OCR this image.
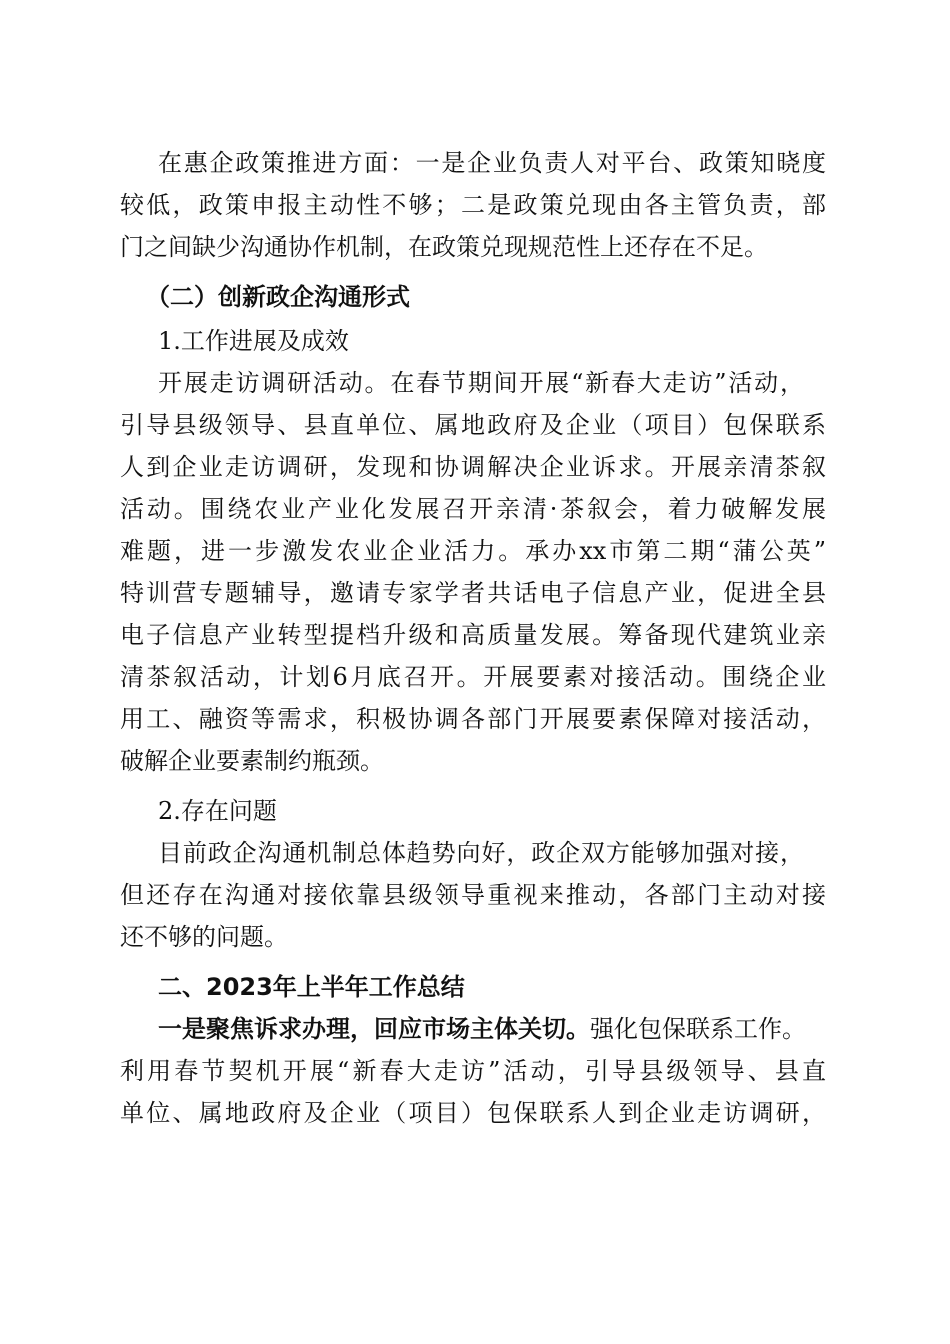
在惠企政策推进方面：一是企业负责人对平台、政策知晓度

较低，政策申报主动性不够；二是政策兑现由各主管负责，部

门之间缺少沟通协作机制，在政策兑现规范性上还存在不足。

（二）创新政企沟通形式

1.工作进展及成效

开展走访调研活动。在春节期间开展“新春大走访”活动，

引导县级领导、县直单位、属地政府及企业（项目）包保联系

人到企业走访调研，发现和协调解决企业诉求。开展亲清茶叙

活动。围绕农业产业化发展召开亲清·茶叙会，着力破解发展

难题，进一步激发农业企业活力。承办xx市第二期“蒲公英”

特训营专题辅导，邀请专家学者共话电子信息产业，促进全县

电子信息产业转型提档升级和高质量发展。筹备现代建筑业亲

清茶叙活动，计划6月底召开。开展要素对接活动。围绕企业

用工、融资等需求，积极协调各部门开展要素保障对接活动，

破解企业要素制约瓶颈。

2.存在问题

目前政企沟通机制总体趋势向好，政企双方能够加强对接，

但还存在沟通对接依靠县级领导重视来推动，各部门主动对接

还不够的问题。

二、2023年上半年工作总结

一是聚焦诉求办理，回应市场主体关切。强化包保联系工作。

利用春节契机开展“新春大走访”活动，引导县级领导、县直

单位、属地政府及企业（项目）包保联系人到企业走访调研，
